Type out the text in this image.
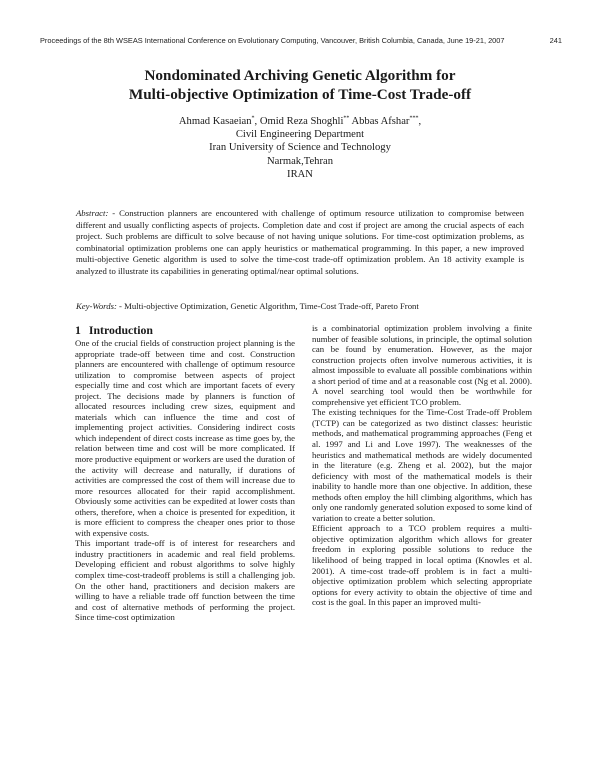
Proceedings of the 8th WSEAS International Conference on Evolutionary Computing, Vancouver, British Columbia, Canada, June 19-21, 2007	241
Nondominated Archiving Genetic Algorithm for
Multi-objective Optimization of Time-Cost Trade-off
Ahmad Kasaeian*, Omid Reza Shoghli** Abbas Afshar***,
Civil Engineering Department
Iran University of Science and Technology
Narmak,Tehran
IRAN
Abstract: - Construction planners are encountered with challenge of optimum resource utilization to compromise between different and usually conflicting aspects of projects. Completion date and cost if project are among the crucial aspects of each project. Such problems are difficult to solve because of not having unique solutions. For time-cost optimization problems, as combinatorial optimization problems one can apply heuristics or mathematical programming. In this paper, a new improved multi-objective Genetic algorithm is used to solve the time-cost trade-off optimization problem. An 18 activity example is analyzed to illustrate its capabilities in generating optimal/near optimal solutions.
Key-Words: - Multi-objective Optimization, Genetic Algorithm, Time-Cost Trade-off, Pareto Front
1 Introduction

One of the crucial fields of construction project planning is the appropriate trade-off between time and cost. Construction planners are encountered with challenge of optimum resource utilization to compromise between aspects of project especially time and cost which are important facets of every project. The decisions made by planners is function of allocated resources including crew sizes, equipment and materials which can influence the time and cost of implementing project activities. Considering indirect costs which independent of direct costs increase as time goes by, the relation between time and cost will be more complicated. If more productive equipment or workers are used the duration of the activity will decrease and naturally, if durations of activities are compressed the cost of them will increase due to more resources allocated for their rapid accomplishment. Obviously some activities can be expedited at lower costs than others, therefore, when a choice is presented for expedition, it is more efficient to compress the cheaper ones prior to those with expensive costs.

This important trade-off is of interest for researchers and industry practitioners in academic and real field problems. Developing efficient and robust algorithms to solve highly complex time-cost-tradeoff problems is still a challenging job. On the other hand, practitioners and decision makers are willing to have a reliable trade off function between the time and cost of alternative methods of performing the project. Since time-cost optimization

is a combinatorial optimization problem involving a finite number of feasible solutions, in principle, the optimal solution can be found by enumeration. However, as the major construction projects often involve numerous activities, it is almost impossible to evaluate all possible combinations within a short period of time and at a reasonable cost (Ng et al. 2000). A novel searching tool would then be worthwhile for comprehensive yet efficient TCO problem.

The existing techniques for the Time-Cost Trade-off Problem (TCTP) can be categorized as two distinct classes: heuristic methods, and mathematical programming approaches (Feng et al. 1997 and Li and Love 1997). The weaknesses of the heuristics and mathematical methods are widely documented in the literature (e.g. Zheng et al. 2002), but the major deficiency with most of the mathematical models is their inability to handle more than one objective. In addition, these methods often employ the hill climbing algorithms, which has only one randomly generated solution exposed to some kind of variation to create a better solution.

Efficient approach to a TCO problem requires a multi-objective optimization algorithm which allows for greater freedom in exploring possible solutions to reduce the likelihood of being trapped in local optima (Knowles et al. 2001). A time-cost trade-off problem is in fact a multi-objective optimization problem which selecting appropriate options for every activity to obtain the objective of time and cost is the goal. In this paper an improved multi-
